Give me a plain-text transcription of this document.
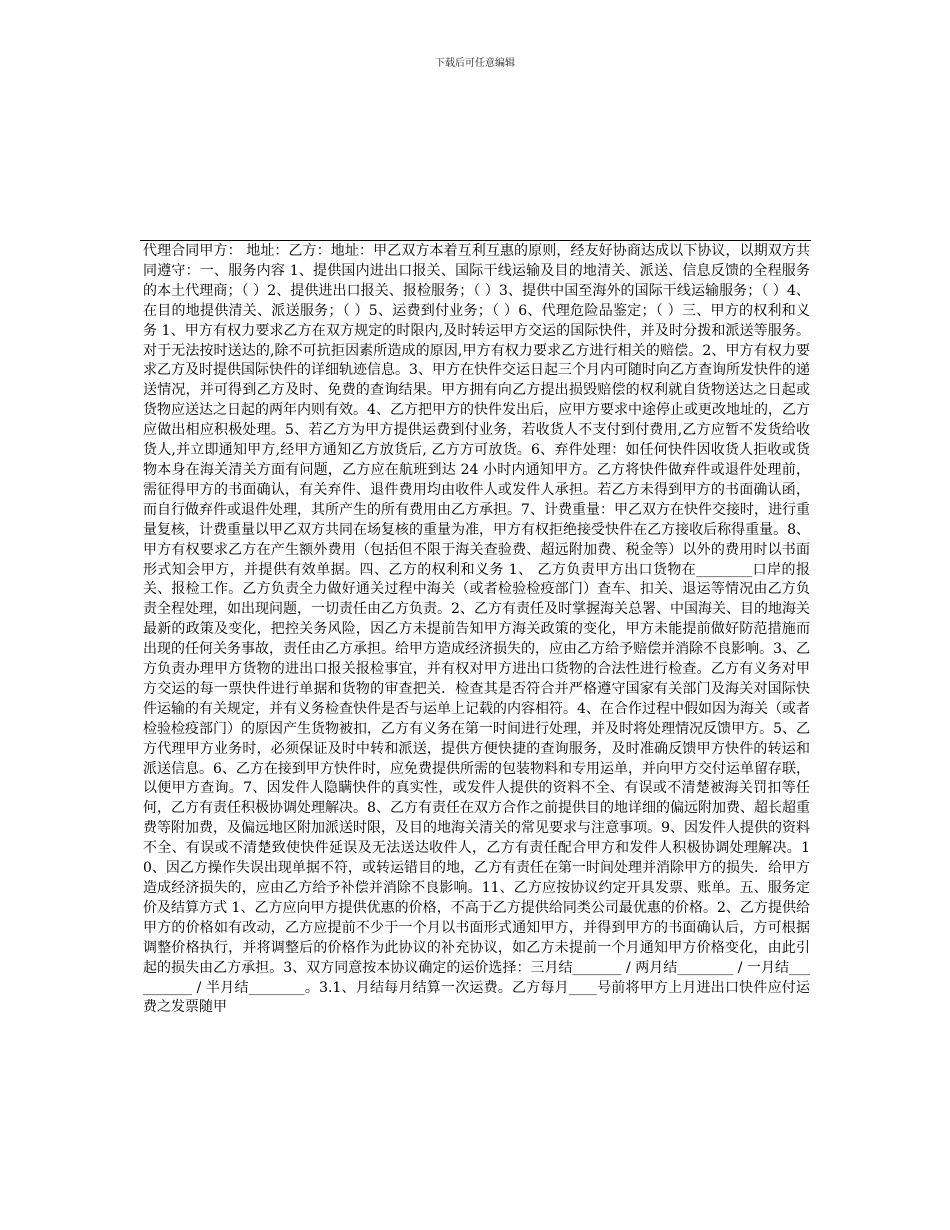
下载后可任意编辑

代理合同甲方： 地址：乙方：地址：甲乙双方本着互利互惠的原则，经友好协商达成以下协议，以期双方共同遵守：一、服务内容 1、提供国内进出口报关、国际干线运输及目的地清关、派送、信息反馈的全程服务的本土代理商；（ ）2、提供进出口报关、报检服务；（ ）3、提供中国至海外的国际干线运输服务；（ ）4、在目的地提供清关、派送服务；（ ）5、运费到付业务；（ ）6、代理危险品鉴定；（ ）三、甲方的权利和义务 1、甲方有权力要求乙方在双方规定的时限内,及时转运甲方交运的国际快件，并及时分拨和派送等服务。对于无法按时送达的,除不可抗拒因素所造成的原因,甲方有权力要求乙方进行相关的赔偿。2、甲方有权力要求乙方及时提供国际快件的详细轨迹信息。3、甲方在快件交运日起三个月内可随时向乙方查询所发快件的递送情况，并可得到乙方及时、免费的查询结果。甲方拥有向乙方提出损毁赔偿的权利就自货物送达之日起或货物应送达之日起的两年内则有效。4、乙方把甲方的快件发出后，应甲方要求中途停止或更改地址的，乙方应做出相应积极处理。5、若乙方为甲方提供运费到付业务，若收货人不支付到付费用,乙方应暂不发货给收货人,并立即通知甲方,经甲方通知乙方放货后, 乙方方可放货。6、弃件处理：如任何快件因收货人拒收或货物本身在海关清关方面有问题，乙方应在航班到达 24 小时内通知甲方。乙方将快件做弃件或退件处理前，需征得甲方的书面确认，有关弃件、退件费用均由收件人或发件人承担。若乙方未得到甲方的书面确认函，而自行做弃件或退件处理，其所产生的所有费用由乙方承担。7、计费重量：甲乙双方在快件交接时，进行重量复核，计费重量以甲乙双方共同在场复核的重量为准，甲方有权拒绝接受快件在乙方接收后称得重量。8、甲方有权要求乙方在产生额外费用（包括但不限于海关查验费、超远附加费、税金等）以外的费用时以书面形式知会甲方，并提供有效单据。四、乙方的权利和义务 1、 乙方负责甲方出口货物在________口岸的报关、报检工作。乙方负责全力做好通关过程中海关（或者检验检疫部门）查车、扣关、退运等情况由乙方负责全程处理，如出现问题，一切责任由乙方负责。2、乙方有责任及时掌握海关总署、中国海关、目的地海关最新的政策及变化，把控关务风险，因乙方未提前告知甲方海关政策的变化，甲方未能提前做好防范措施而出现的任何关务事故，责任由乙方承担。给甲方造成经济损失的，应由乙方给予赔偿并消除不良影响。3、乙方负责办理甲方货物的进出口报关报检事宜，并有权对甲方进出口货物的合法性进行检查。乙方有义务对甲方交运的每一票快件进行单据和货物的审查把关．检查其是否符合并严格遵守国家有关部门及海关对国际快件运输的有关规定，并有义务检查快件是否与运单上记载的内容相符。4、在合作过程中假如因为海关（或者检验检疫部门）的原因产生货物被扣，乙方有义务在第一时间进行处理，并及时将处理情况反馈甲方。5、乙方代理甲方业务时，必须保证及时中转和派送，提供方便快捷的查询服务，及时准确反馈甲方快件的转运和派送信息。6、乙方在接到甲方快件时，应免费提供所需的包装物料和专用运单，并向甲方交付运单留存联，以便甲方查询。7、因发件人隐瞒快件的真实性，或发件人提供的资料不全、有误或不清楚被海关罚扣等任何，乙方有责任积极协调处理解决。8、乙方有责任在双方合作之前提供目的地详细的偏远附加费、超长超重费等附加费，及偏远地区附加派送时限，及目的地海关清关的常见要求与注意事项。9、因发件人提供的资料不全、有误或不清楚致使快件延误及无法送达收件人，乙方有责任配合甲方和发件人积极协调处理解决。10、因乙方操作失误出现单据不符，或转运错目的地，乙方有责任在第一时间处理并消除甲方的损失．给甲方造成经济损失的，应由乙方给予补偿并消除不良影响。11、乙方应按协议约定开具发票、账单。五、服务定价及结算方式 1、乙方应向甲方提供优惠的价格，不高于乙方提供给同类公司最优惠的价格。2、乙方提供给甲方的价格如有改动，乙方应提前不少于一个月以书面形式通知甲方，并得到甲方的书面确认后，方可根据调整价格执行，并将调整后的价格作为此协议的补充协议，如乙方未提前一个月通知甲方价格变化，由此引起的损失由乙方承担。3、双方同意按本协议确定的运价选择：三月结_______ / 两月结________ / 一月结__________ / 半月结________。3.1、月结每月结算一次运费。乙方每月____号前将甲方上月进出口快件应付运费之发票随甲
